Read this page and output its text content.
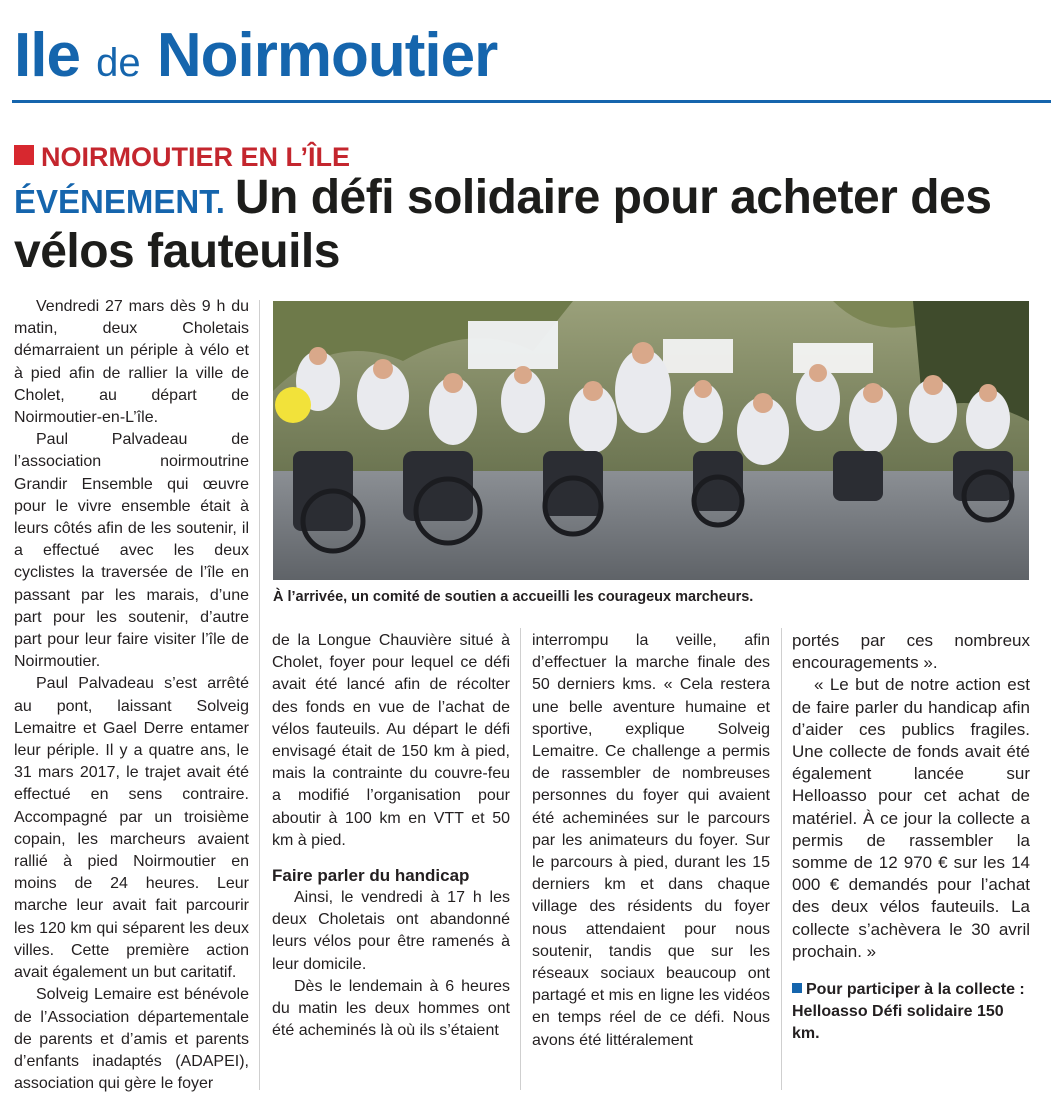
Ile de Noirmoutier
NOIRMOUTIER EN L’ÎLE
ÉVÉNEMENT. Un défi solidaire pour acheter des vélos fauteuils
À l’arrivée, un comité de soutien a accueilli les courageux marcheurs.

Vendredi 27 mars dès 9 h du matin, deux Choletais démarraient un périple à vélo et à pied afin de rallier la ville de Cholet, au départ de Noirmoutier-en-L’île.

Paul Palvadeau de l’association noirmoutrine Grandir Ensemble qui œuvre pour le vivre ensemble était à leurs côtés afin de les soutenir, il a effectué avec les deux cyclistes la traversée de l’île en passant par les marais, d’une part pour les soutenir, d’autre part pour leur faire visiter l’île de Noirmoutier.

Paul Palvadeau s’est arrêté au pont, laissant Solveig Lemaitre et Gael Derre entamer leur périple. Il y a quatre ans, le 31 mars 2017, le trajet avait été effectué en sens contraire. Accompagné par un troisième copain, les marcheurs avaient rallié à pied Noirmoutier en moins de 24 heures. Leur marche leur avait fait parcourir les 120 km qui séparent les deux villes. Cette première action avait également un but caritatif.

Solveig Lemaire est bénévole de l’Association départementale de parents et d’amis et parents d’enfants inadaptés (ADAPEI), association qui gère le foyer

de la Longue Chauvière situé à Cholet, foyer pour lequel ce défi avait été lancé afin de récolter des fonds en vue de l’achat de vélos fauteuils. Au départ le défi envisagé était de 150 km à pied, mais la contrainte du couvre-feu a modifié l’organisation pour aboutir à 100 km en VTT et 50 km à pied.

Faire parler du handicap

Ainsi, le vendredi à 17 h les deux Choletais ont abandonné leurs vélos pour être ramenés à leur domicile.

Dès le lendemain à 6 heures du matin les deux hommes ont été acheminés là où ils s’étaient

interrompu la veille, afin d’effectuer la marche finale des 50 derniers kms. « Cela restera une belle aventure humaine et sportive, explique Solveig Lemaitre. Ce challenge a permis de rassembler de nombreuses personnes du foyer qui avaient été acheminées sur le parcours par les animateurs du foyer. Sur le parcours à pied, durant les 15 derniers km et dans chaque village des résidents du foyer nous attendaient pour nous soutenir, tandis que sur les réseaux sociaux beaucoup ont partagé et mis en ligne les vidéos en temps réel de ce défi. Nous avons été littéralement

portés par ces nombreux encouragements ».

« Le but de notre action est de faire parler du handicap afin d’aider ces publics fragiles. Une collecte de fonds avait été également lancée sur Helloasso pour cet achat de matériel. À ce jour la collecte a permis de rassembler la somme de 12 970 € sur les 14 000 € demandés pour l’achat des deux vélos fauteuils. La collecte s’achèvera le 30 avril prochain. »

Pour participer à la collecte : Helloasso Défi solidaire 150 km.
